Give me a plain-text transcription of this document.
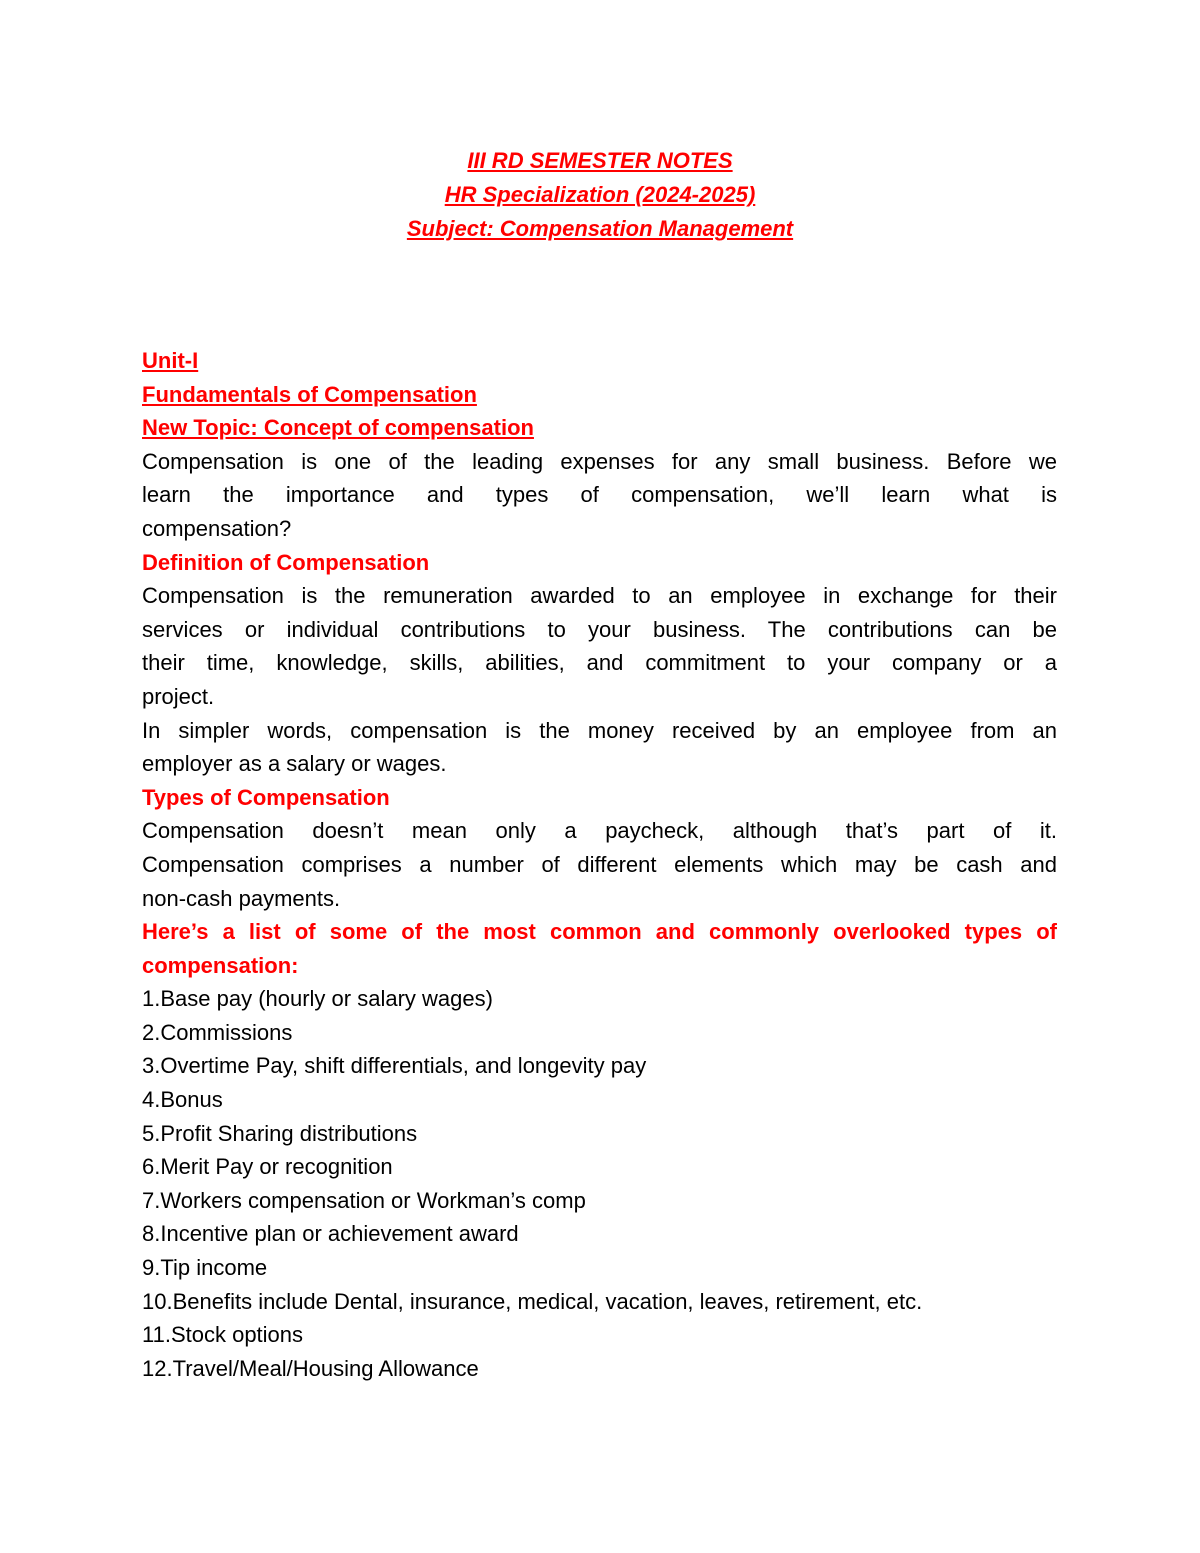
III RD SEMESTER NOTES
HR Specialization (2024-2025)
Subject: Compensation Management
Unit-I
Fundamentals of Compensation
New Topic: Concept of compensation
Compensation is one of the leading expenses for any small business. Before we
learn the importance and types of compensation, we’ll learn what is
compensation?
Definition of Compensation
Compensation is the remuneration awarded to an employee in exchange for their
services or individual contributions to your business. The contributions can be
their time, knowledge, skills, abilities, and commitment to your company or a
project.
In simpler words, compensation is the money received by an employee from an
employer as a salary or wages.
Types of Compensation
Compensation doesn’t mean only a paycheck, although that’s part of it.
Compensation comprises a number of different elements which may be cash and
non-cash payments.
Here’s a list of some of the most common and commonly overlooked types of
compensation:
1.Base pay (hourly or salary wages)
2.Commissions
3.Overtime Pay, shift differentials, and longevity pay
4.Bonus
5.Profit Sharing distributions
6.Merit Pay or recognition
7.Workers compensation or Workman’s comp
8.Incentive plan or achievement award
9.Tip income
10.Benefits include Dental, insurance, medical, vacation, leaves, retirement, etc.
11.Stock options
12.Travel/Meal/Housing Allowance
